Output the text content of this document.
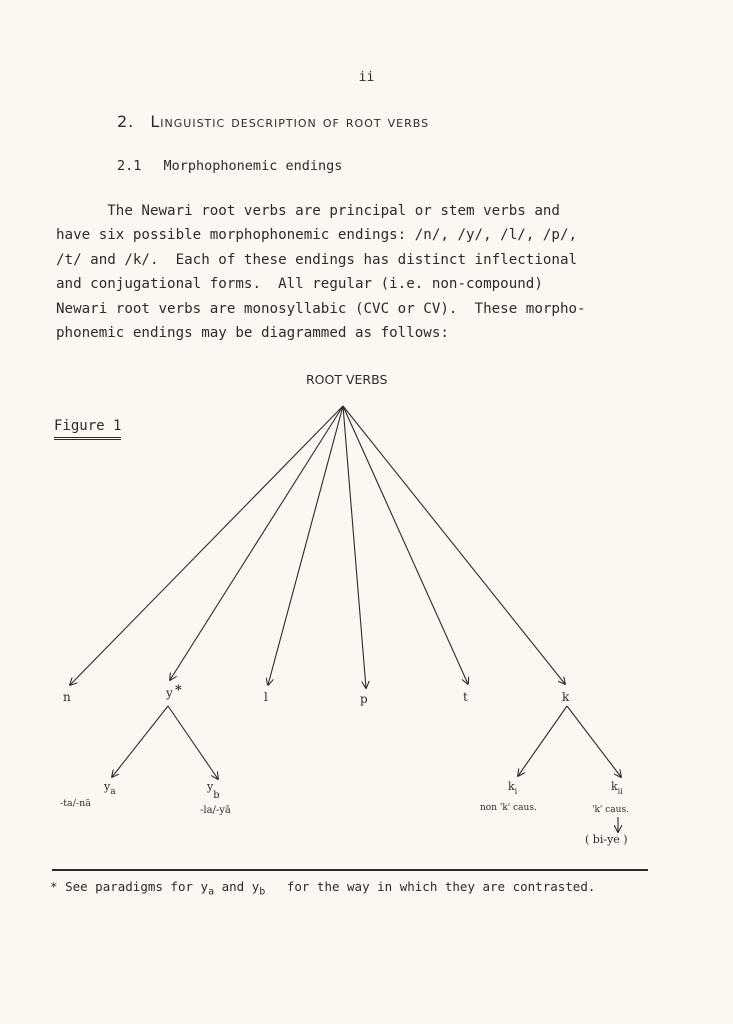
ii
2. Linguistic description of root verbs
2.1 Morphophonemic endings

The Newari root verbs are principal or stem verbs and
have six possible morphophonemic endings: /n/, /y/, /l/, /p/,
/t/ and /k/.  Each of these endings has distinct inflectional
and conjugational forms.  All regular (i.e. non-compound)
Newari root verbs are monosyllabic (CVC or CV).  These morpho-
phonemic endings may be diagrammed as follows:

ROOT VERBS
Figure 1
n	y *	l	p	t	k
$y_a$
-ta/-nā
yb
-la/-yā
$k_i$
non 'k' caus.
$k_{ii}$
'k' caus.
( bi-ye )
* See paradigms for $y_a$ and $y_b$ for the way in which they are contrasted.
